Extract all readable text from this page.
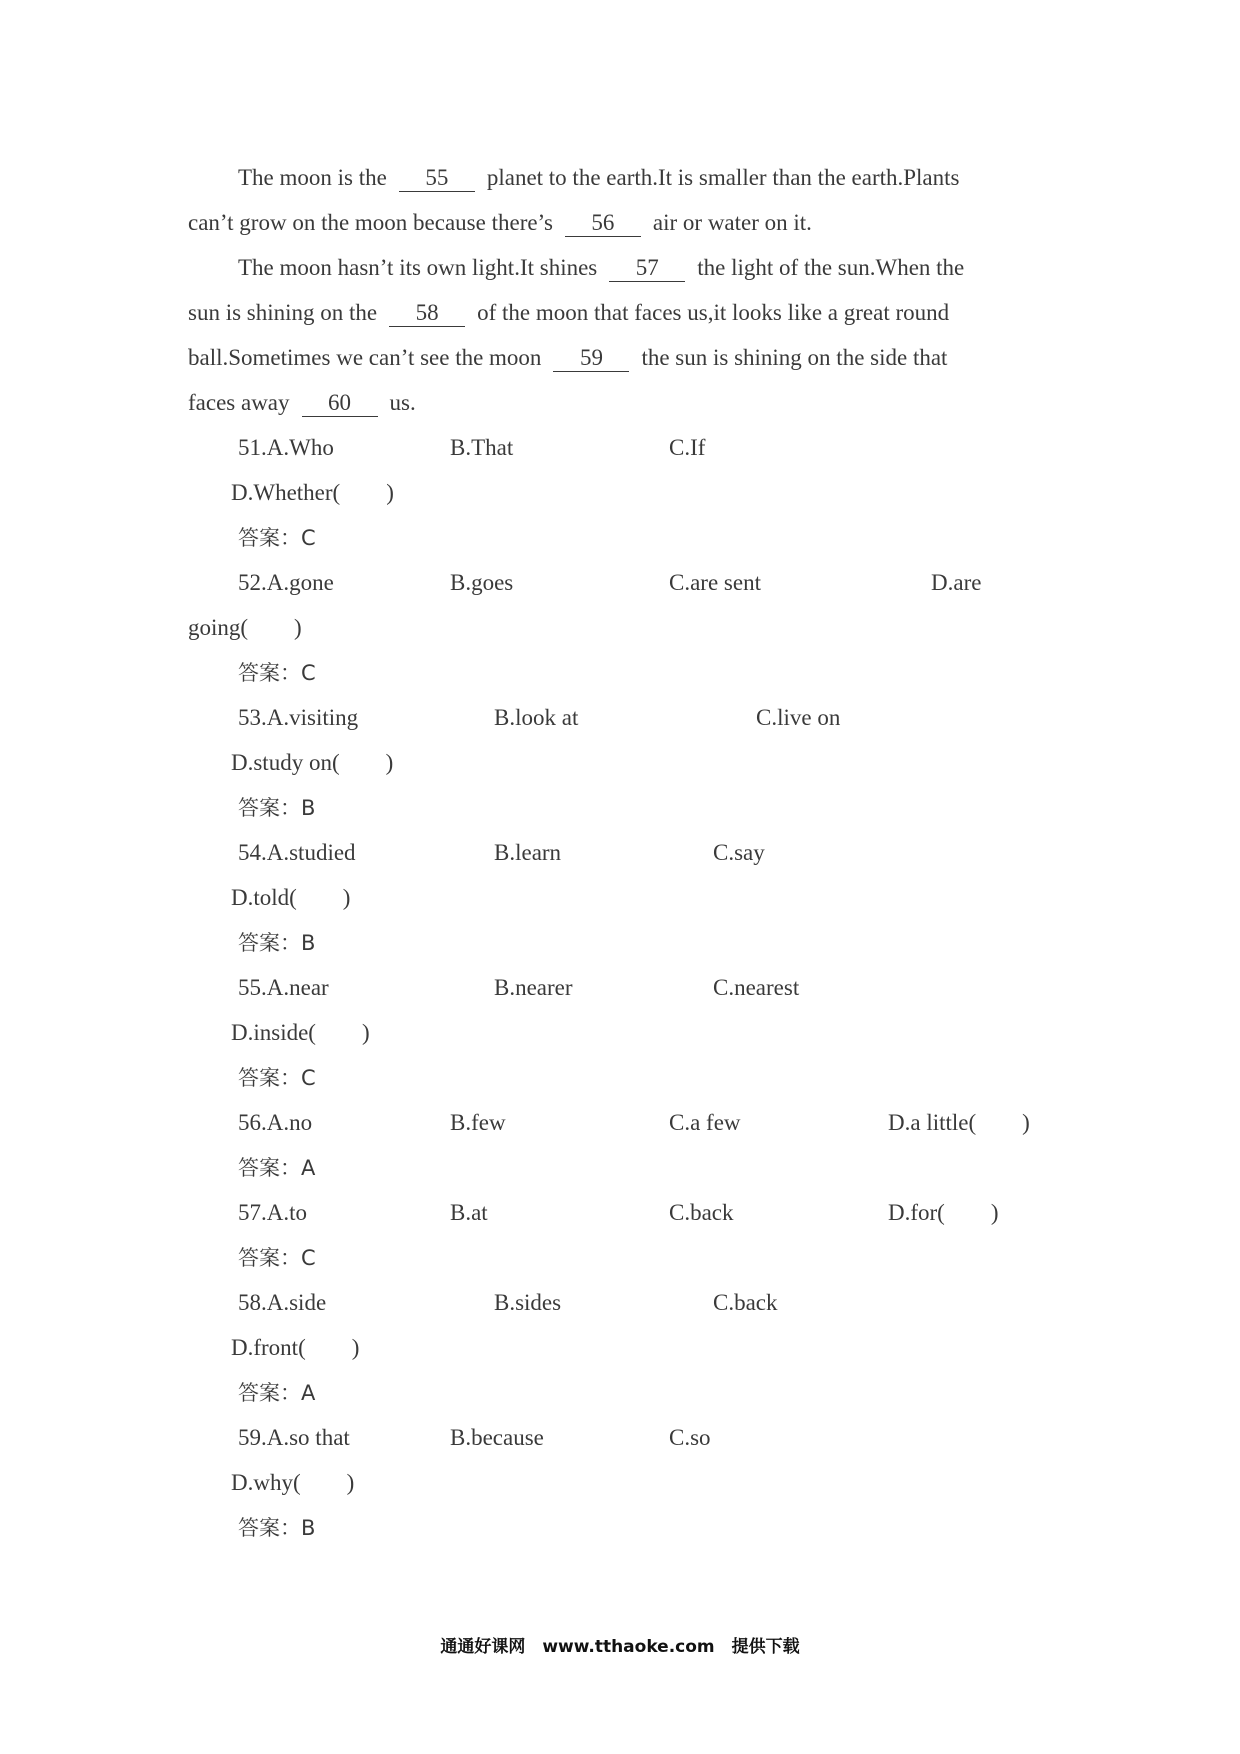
The moon is the 55 planet to the earth.It is smaller than the earth.Plants
can’t grow on the moon because there’s 56 air or water on it.
The moon hasn’t its own light.It shines 57 the light of the sun.When the
sun is shining on the 58 of the moon that faces us,it looks like a great round
ball.Sometimes we can’t see the moon 59 the sun is shining on the side that
faces away 60 us.
51.A.Who	B.That	C.If
D.Whether(　　)
答案：C
52.A.gone	B.goes	C.are sent	D.are
going(　　)
答案：C
53.A.visiting	B.look at	C.live on
D.study on(　　)
答案：B
54.A.studied	B.learn	C.say
D.told(　　)
答案：B
55.A.near	B.nearer	C.nearest
D.inside(　　)
答案：C
56.A.no	B.few	C.a few	D.a little(　　)
答案：A
57.A.to	B.at	C.back	D.for(　　)
答案：C
58.A.side	B.sides	C.back
D.front(　　)
答案：A
59.A.so that	B.because	C.so
D.why(　　)
答案：B
通通好课网　www.tthaoke.com　提供下载
